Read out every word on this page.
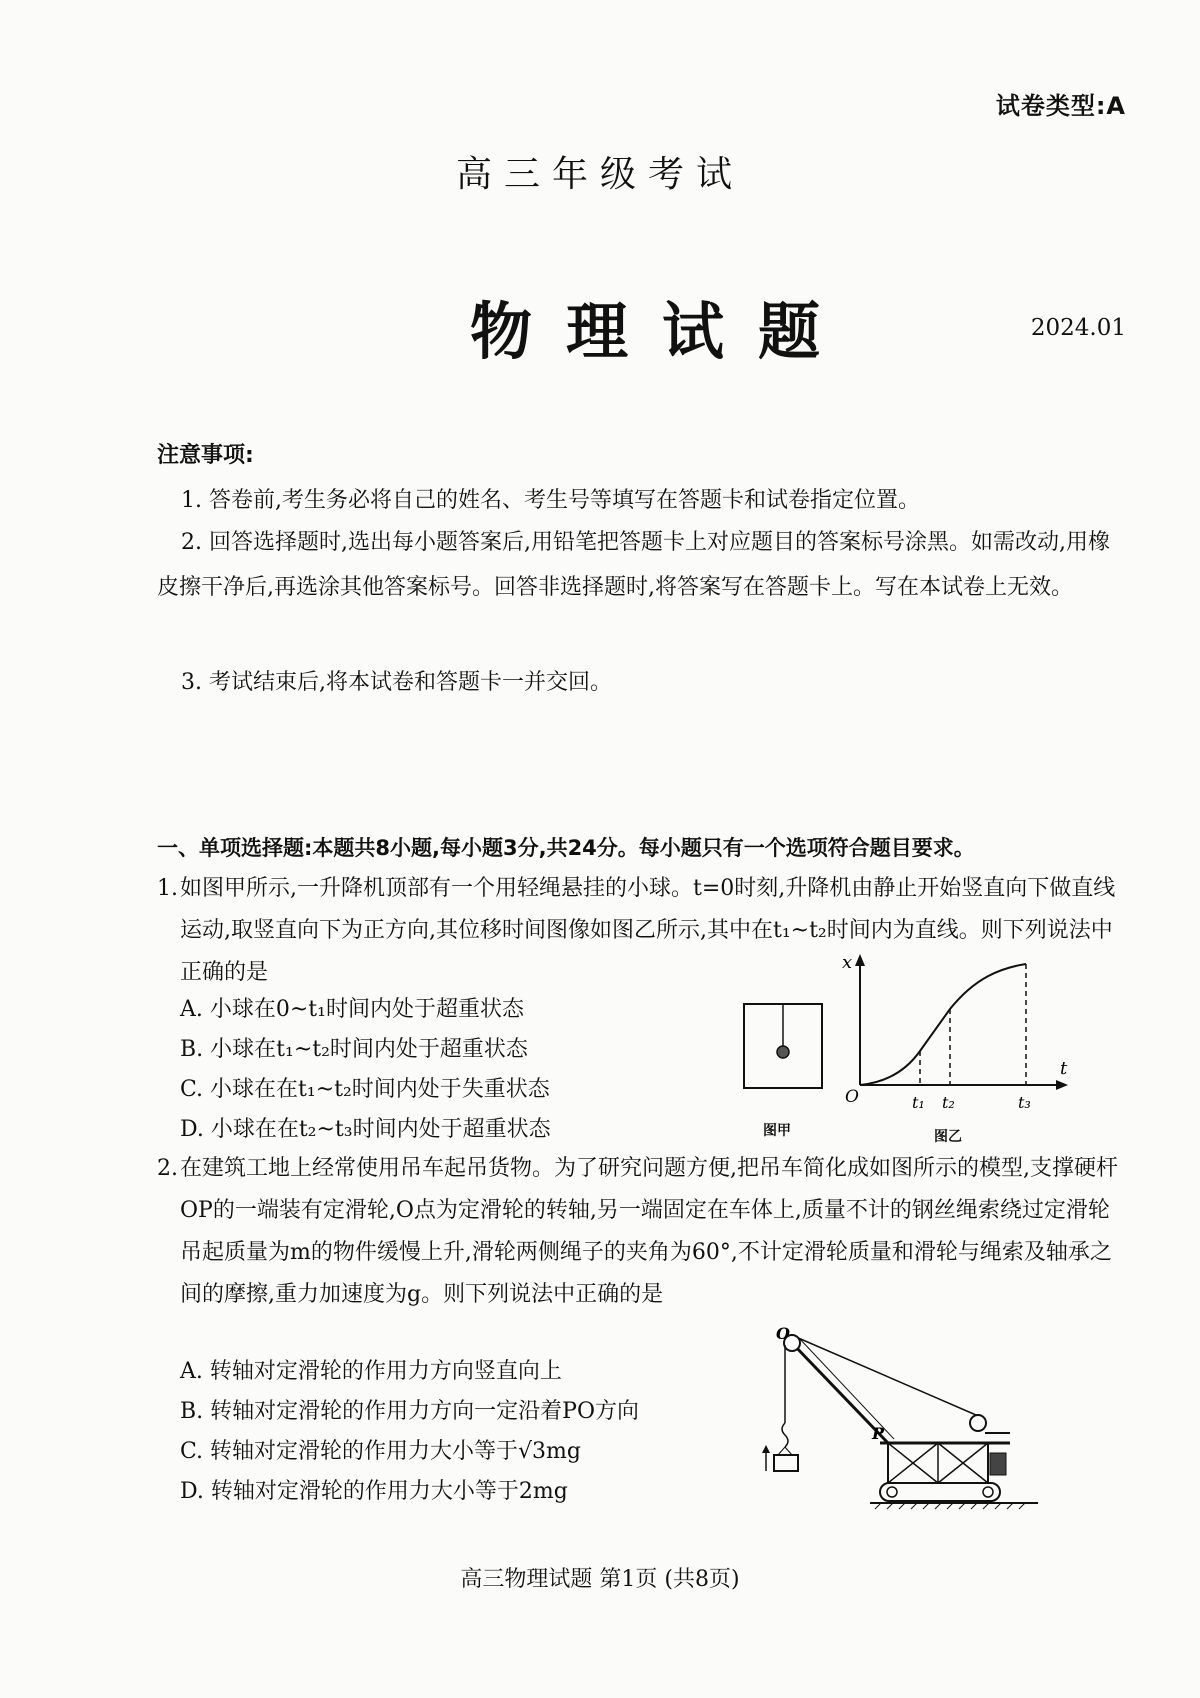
试卷类型:A
高三年级考试
物理试题	2024.01
注意事项:
1. 答卷前,考生务必将自己的姓名、考生号等填写在答题卡和试卷指定位置。
2. 回答选择题时,选出每小题答案后,用铅笔把答题卡上对应题目的答案标号涂黑。如需改动,用橡皮擦干净后,再选涂其他答案标号。回答非选择题时,将答案写在答题卡上。写在本试卷上无效。
3. 考试结束后,将本试卷和答题卡一并交回。
一、单项选择题:本题共8小题,每小题3分,共24分。每小题只有一个选项符合题目要求。
1. 如图甲所示,一升降机顶部有一个用轻绳悬挂的小球。t=0时刻,升降机由静止开始竖直向下做直线运动,取竖直向下为正方向,其位移时间图像如图乙所示,其中在t₁~t₂时间内为直线。则下列说法中正确的是
A. 小球在0~t₁时间内处于超重状态
B. 小球在t₁~t₂时间内处于超重状态
C. 小球在在t₁~t₂时间内处于失重状态
D. 小球在在t₂~t₃时间内处于超重状态	图甲
x
t
O	t₁ t₂	t₃
图乙
2. 在建筑工地上经常使用吊车起吊货物。为了研究问题方便,把吊车简化成如图所示的模型,支撑硬杆OP的一端装有定滑轮,O点为定滑轮的转轴,另一端固定在车体上,质量不计的钢丝绳索绕过定滑轮吊起质量为m的物件缓慢上升,滑轮两侧绳子的夹角为60°,不计定滑轮质量和滑轮与绳索及轴承之间的摩擦,重力加速度为g。则下列说法中正确的是
A. 转轴对定滑轮的作用力方向竖直向上
B. 转轴对定滑轮的作用力方向一定沿着PO方向
C. 转轴对定滑轮的作用力大小等于√3mg
D. 转轴对定滑轮的作用力大小等于2mg
O
P
高三物理试题 第1页 (共8页)
